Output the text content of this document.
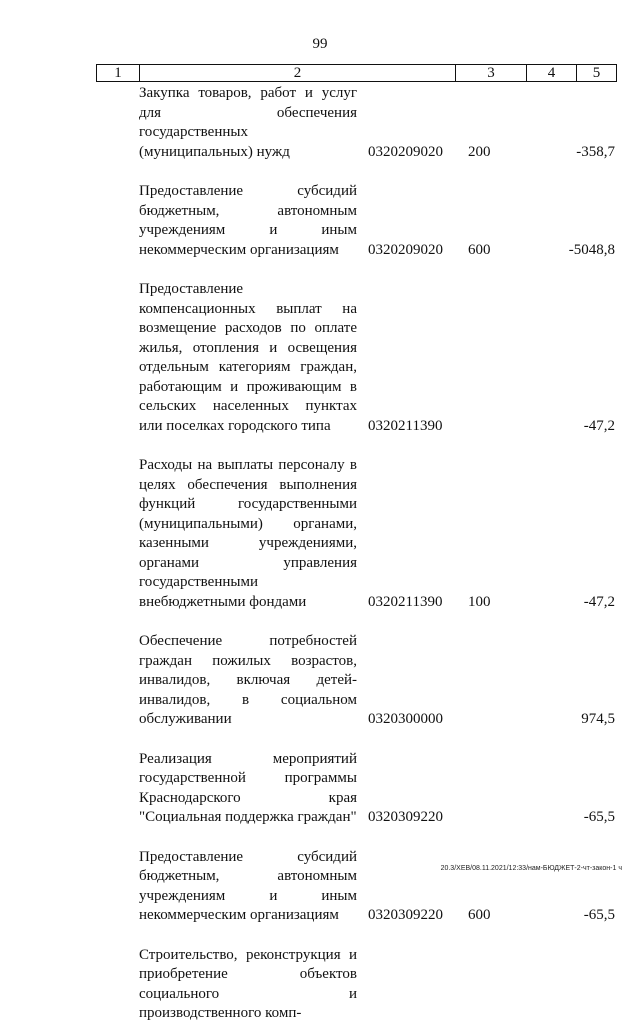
99
1	2	3	4	5
Закупка товаров, работ и услуг для обеспечения государственных (муниципальных) нужд	0320209020 200	-358,7
Предоставление субсидий бюджетным, автономным учреждениям и иным некоммерческим организациям	0320209020 600	-5048,8
Предоставление компенсационных выплат на возмещение расходов по оплате жилья, отопления и освещения отдельным категориям граждан, работающим и проживающим в сельских населенных пунктах или поселках городского типа	0320211390	-47,2
Расходы на выплаты персоналу в целях обеспечения выполнения функций государственными (муниципальными) органами, казенными учреждениями, органами управления государственными внебюджетными фондами	0320211390 100	-47,2
Обеспечение потребностей граждан пожилых возрастов, инвалидов, включая детей-инвалидов, в социальном обслуживании	0320300000	974,5
Реализация мероприятий государственной программы Краснодарского края "Социальная поддержка граждан" 0320309220	-65,5
Предоставление субсидий бюджетным, автономным учреждениям и иным некоммерческим организациям	0320309220 600	-65,5
Строительство, реконструкция и приобретение объектов социального и производственного комп-
20.3/ХЕВ/08.11.2021/12:33/нам-БЮДЖЕТ-2-чт-закон-1 ч
